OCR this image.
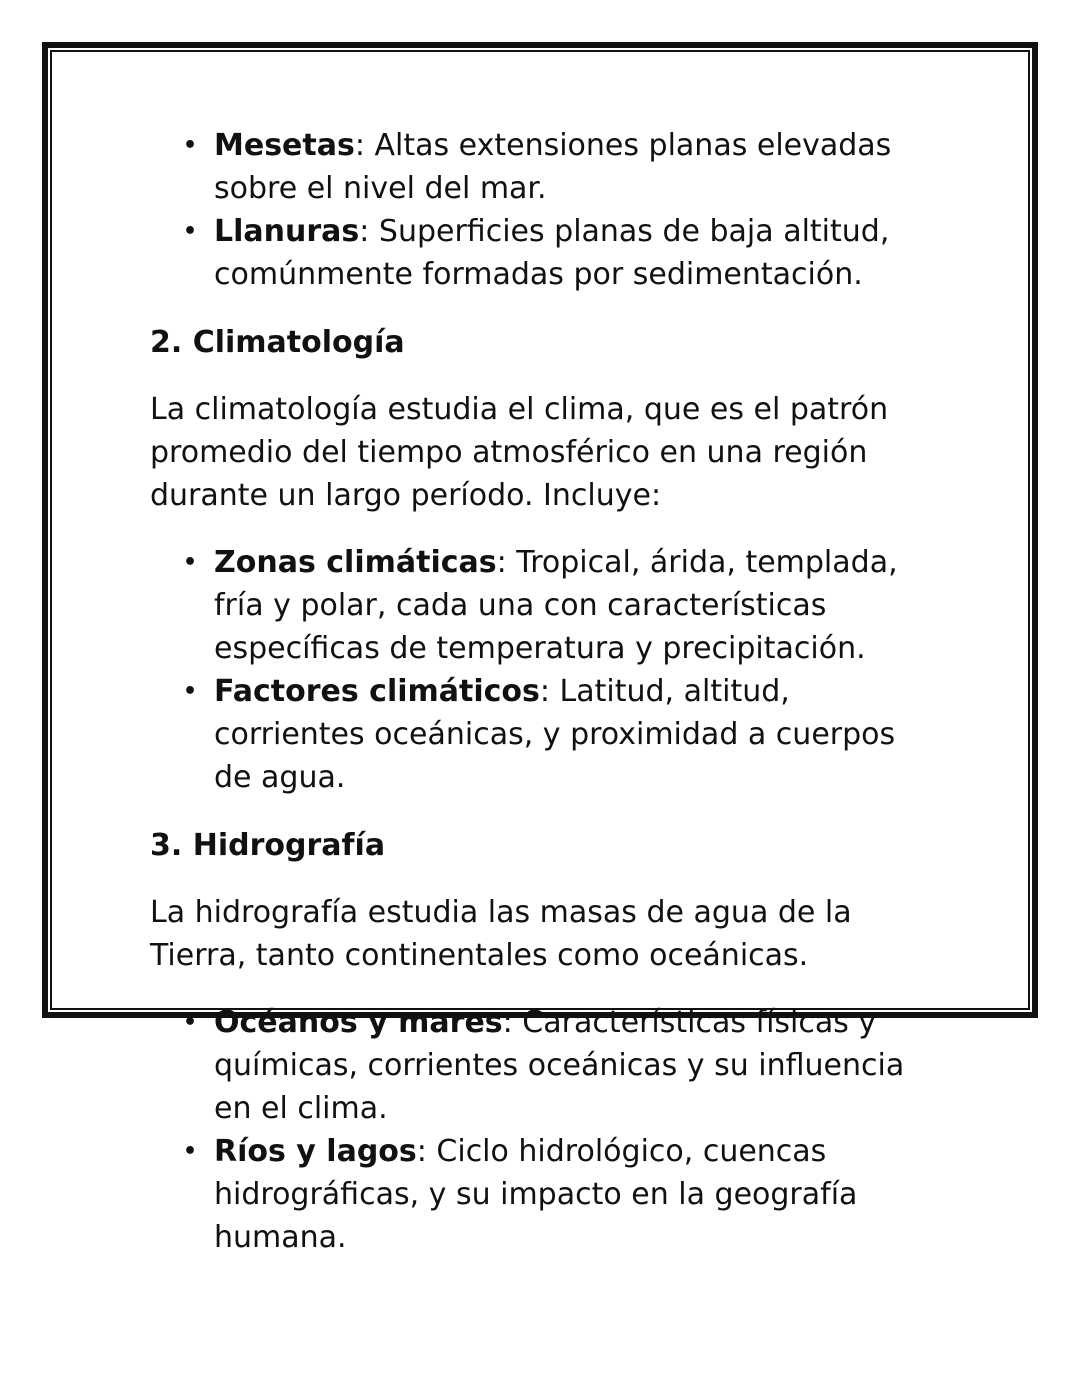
• Mesetas: Altas extensiones planas elevadas sobre el nivel del mar.
• Llanuras: Superficies planas de baja altitud, comúnmente formadas por sedimentación.
2. Climatología

La climatología estudia el clima, que es el patrón promedio del tiempo atmosférico en una región durante un largo período. Incluye:

• Zonas climáticas: Tropical, árida, templada, fría y polar, cada una con características específicas de temperatura y precipitación.
• Factores climáticos: Latitud, altitud, corrientes oceánicas, y proximidad a cuerpos de agua.
3. Hidrografía

La hidrografía estudia las masas de agua de la Tierra, tanto continentales como oceánicas.

• Océanos y mares: Características físicas y químicas, corrientes oceánicas y su influencia en el clima.
• Ríos y lagos: Ciclo hidrológico, cuencas hidrográficas, y su impacto en la geografía humana.
